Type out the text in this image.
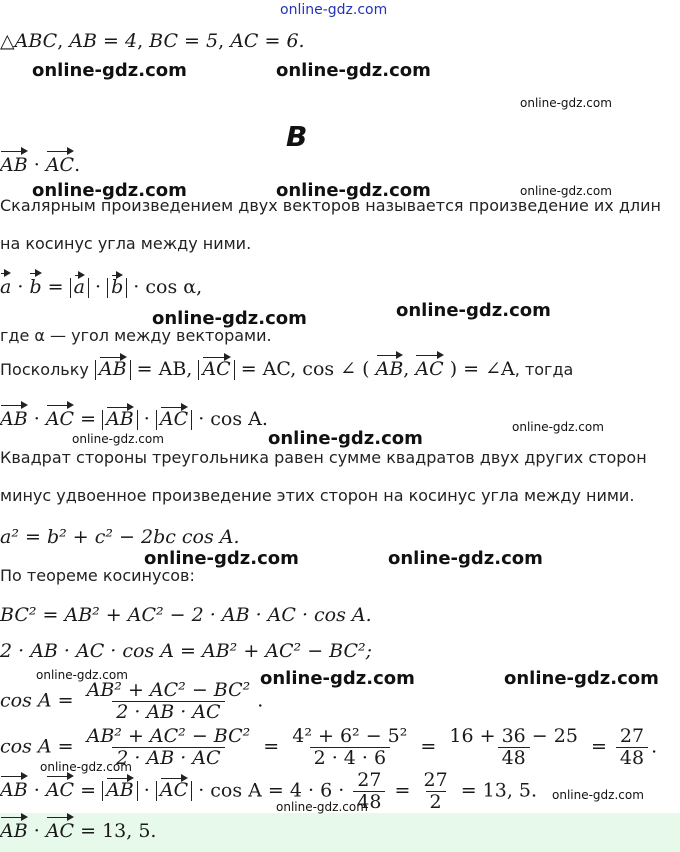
online-gdz.com
online-gdz.com	online-gdz.com
online-gdz.com
online-gdz.com	online-gdz.com	online-gdz.com
online-gdz.com
online-gdz.com
online-gdz.com
online-gdz.com	online-gdz.com
online-gdz.com	online-gdz.com
online-gdz.com	online-gdz.com	online-gdz.com
online-gdz.com
online-gdz.com
online-gdz.com
△ABC, AB = 4, BC = 5, AC = 6.
B
AB · AC.
Скалярным произведением двух векторов называется произведение их длин
на косинус угла между ними.
a · b = a · b · cos α,
где α — угол между векторами.
Поскольку AB = AB, AC = AC, cos ∠ ( AB, AC ) = ∠A, тогда
AB · AC = AB · AC · cos A.
Квадрат стороны треугольника равен сумме квадратов двух других сторон
минус удвоенное произведение этих сторон на косинус угла между ними.
a² = b² + c² − 2bc cos A.
По теореме косинусов:
BC² = AB² + AC² − 2 · AB · AC · cos A.
2 · AB · AC · cos A = AB² + AC² − BC²;
$\cos A = \frac{\text{AB² + AC² − BC²}}{2 \cdot AB \cdot AC}$ .
$\cos A = \frac{\text{AB² + AC² − BC²}}{2 \cdot AB \cdot AC} = \frac{\text{4² + 6² − 5²}}{2 \cdot 4 \cdot 6} = \frac{16 + 36 - 25}{48} = \frac{27}{48}$ .
AB · AC = AB · AC · $\cos A = 4 \cdot 6 \cdot \frac{27}{48} = \frac{27}{2} = 13$, 5.
AB · AC = 13, 5.
